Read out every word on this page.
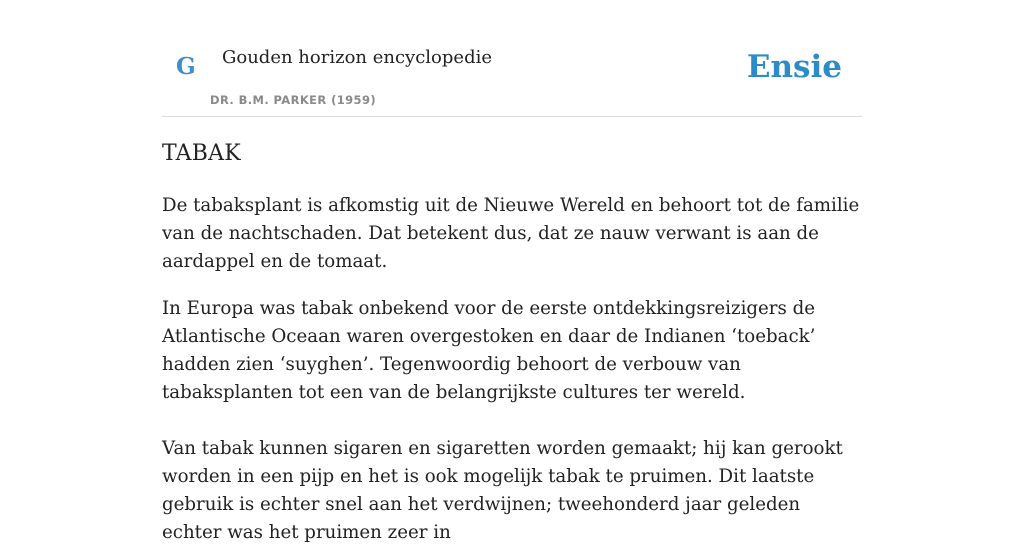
G Gouden horizon encyclopedie
DR. B.M. PARKER (1959)
Ensie
TABAK

De tabaksplant is afkomstig uit de Nieuwe Wereld en behoort tot de familie van de nachtschaden. Dat betekent dus, dat ze nauw verwant is aan de aardappel en de tomaat.

In Europa was tabak onbekend voor de eerste ontdekkingsreizigers de Atlantische Oceaan waren overgestoken en daar de Indianen ‘toeback’ hadden zien ‘suyghen’. Tegenwoordig behoort de verbouw van tabaksplanten tot een van de belangrijkste cultures ter wereld.

Van tabak kunnen sigaren en sigaretten worden gemaakt; hij kan gerookt worden in een pijp en het is ook mogelijk tabak te pruimen. Dit laatste gebruik is echter snel aan het verdwijnen; tweehonderd jaar geleden echter was het pruimen zeer in
